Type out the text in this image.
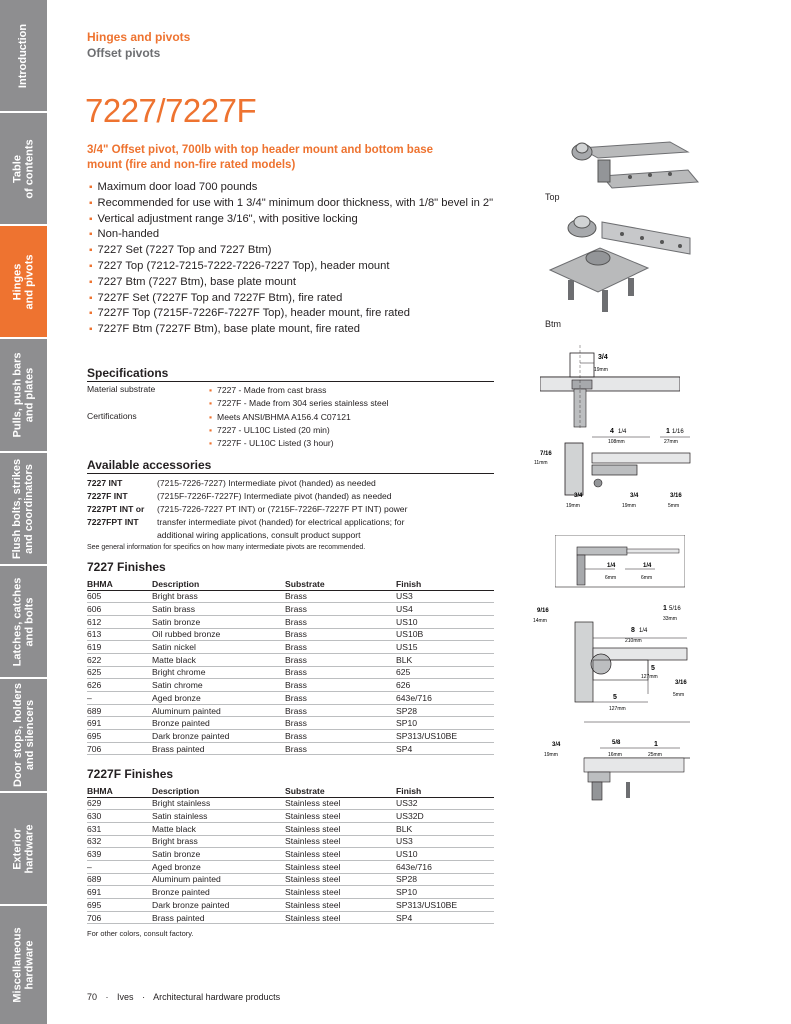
Introduction
Table
of contents
Hinges
and pivots
Pulls, push bars
and plates
Flush bolts, strikes
and coordinators
Latches, catches
and bolts
Door stops, holders
and silencers
Exterior
hardware
Miscellaneous
hardware
Hinges and pivots
Offset pivots
7227/7227F
3/4" Offset pivot, 700lb with top header mount and bottom base mount (fire and non-fire rated models)
▪ Maximum door load 700 pounds
▪ Recommended for use with 1 3/4" minimum door thickness, with 1/8" bevel in 2"
▪ Vertical adjustment range 3/16", with positive locking
▪ Non-handed
▪ 7227 Set (7227 Top and 7227 Btm)
▪ 7227 Top (7212-7215-7222-7226-7227 Top), header mount
▪ 7227 Btm (7227 Btm), base plate mount
▪ 7227F Set (7227F Top and 7227F Btm), fire rated
▪ 7227F Top (7215F-7226F-7227F Top), header mount, fire rated
▪ 7227F Btm (7227F Btm), base plate mount, fire rated
Specifications
Material substrate	▪ 7227 - Made from cast brass
▪ 7227F - Made from 304 series stainless steel
Certifications	▪ Meets ANSI/BHMA A156.4 C07121
▪ 7227 - UL10C Listed (20 min)
▪ 7227F - UL10C Listed (3 hour)
Available accessories
7227 INT	(7215-7226-7227) Intermediate pivot (handed) as needed
7227F INT	(7215F-7226F-7227F) Intermediate pivot (handed) as needed
7227PT INT or (7215-7226-7227 PT INT) or (7215F-7226F-7227F PT INT) power
7227FPT INT transfer intermediate pivot (handed) for electrical applications; for
additional wiring applications, consult product support
See general information for specifics on how many intermediate pivots are recommended.
7227 Finishes
BHMA	Description	Substrate	Finish
605	Bright brass	Brass	US3
606	Satin brass	Brass	US4
612	Satin bronze	Brass	US10
613	Oil rubbed bronze	Brass	US10B
619	Satin nickel	Brass	US15
622	Matte black	Brass	BLK
625	Bright chrome	Brass	625
626	Satin chrome	Brass	626
–	Aged bronze	Brass	643e/716
689	Aluminum painted	Brass	SP28
691	Bronze painted	Brass	SP10
695	Dark bronze painted	Brass	SP313/US10BE
706	Brass painted	Brass	SP4
7227F Finishes
BHMA	Description	Substrate	Finish
629	Bright stainless	Stainless steel	US32
630	Satin stainless	Stainless steel	US32D
631	Matte black	Stainless steel	BLK
632	Bright brass	Stainless steel	US3
639	Satin bronze	Stainless steel	US10
–	Aged bronze	Stainless steel	643e/716
689	Aluminum painted	Stainless steel	SP28
691	Bronze painted	Stainless steel	SP10
695	Dark bronze painted	Stainless steel	SP313/US10BE
706	Brass painted	Stainless steel	SP4
For other colors, consult factory.
Top
Btm
3/4
19mm
4 1/4
108mm
1 1/16
27mm
7/16
11mm
3/4
19mm
3/4
19mm
3/16
5mm
1/4
6mm
1/4
6mm
9/16
14mm
8 1/4
210mm
1 5/16
33mm
5
127mm
3/16
5mm
5
127mm
3/4
19mm
5/8
16mm
1
25mm
70 · Ives · Architectural hardware products
